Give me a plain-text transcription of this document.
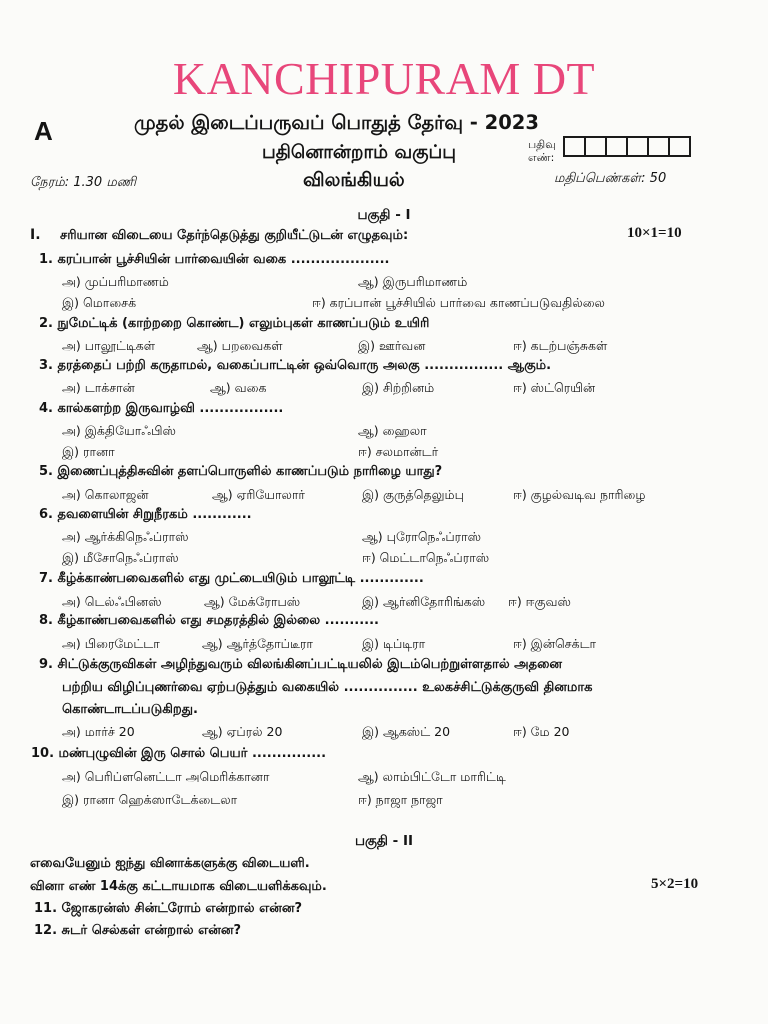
KANCHIPURAM DT
A	முதல் இடைப்பருவப் பொதுத் தேர்வு - 2023
பதினொன்றாம் வகுப்பு
விலங்கியல்
பதிவு எண்:
நேரம்: 1.30 மணி	மதிப்பெண்கள்: 50
பகுதி - I
I. சரியான விடையை தேர்ந்தெடுத்து குறியீட்டுடன் எழுதவும்:	10×1=10
1. கரப்பான் பூச்சியின் பார்வையின் வகை ....................
அ) முப்பரிமாணம்	ஆ) இருபரிமாணம்
இ) மொசைக்	ஈ) கரப்பான் பூச்சியில் பார்வை காணப்படுவதில்லை
2. நுமேட்டிக் (காற்றறை கொண்ட) எலும்புகள் காணப்படும் உயிரி
அ) பாலூட்டிகள்	ஆ) பறவைகள்	இ) ஊர்வன	ஈ) கடற்பஞ்சுகள்
3. தரத்தைப் பற்றி கருதாமல், வகைப்பாட்டின் ஒவ்வொரு அலகு ................ ஆகும்.
அ) டாக்சான்	ஆ) வகை	இ) சிற்றினம்	ஈ) ஸ்ட்ரெயின்
4. கால்களற்ற இருவாழ்வி .................
அ) இக்தியோஃபிஸ்	ஆ) ஹைலா
இ) ரானா	ஈ) சலமான்டர்
5. இணைப்புத்திசுவின் தளப்பொருளில் காணப்படும் நாரிழை யாது?
அ) கொலாஜன்	ஆ) ஏரியோலார்	இ) குருத்தெலும்பு	ஈ) குழல்வடிவ நாரிழை
6. தவளையின் சிறுநீரகம் ............
அ) ஆர்க்கிநெஃப்ராஸ்	ஆ) புரோநெஃப்ராஸ்
இ) மீசோநெஃப்ராஸ்	ஈ) மெட்டாநெஃப்ராஸ்
7. கீழ்க்காண்பவைகளில் எது முட்டையிடும் பாலூட்டி .............
அ) டெல்ஃபினஸ்	ஆ) மேக்ரோபஸ்	இ) ஆர்னிதோரிங்கஸ் ஈ) ஈகுவஸ்
8. கீழ்காண்பவைகளில் எது சமதரத்தில் இல்லை ...........
அ) பிரைமேட்டா	ஆ) ஆர்த்தோப்டீரா	இ) டிப்டிரா	ஈ) இன்செக்டா
9. சிட்டுக்குருவிகள் அழிந்துவரும் விலங்கினப்பட்டியலில் இடம்பெற்றுள்ளதால் அதனை
பற்றிய விழிப்புணர்வை ஏற்படுத்தும் வகையில் ............... உலகச்சிட்டுக்குருவி தினமாக
கொண்டாடப்படுகிறது.
அ) மார்ச் 20	ஆ) ஏப்ரல் 20	இ) ஆகஸ்ட் 20	ஈ) மே 20
10. மண்புழுவின் இரு சொல் பெயர் ...............
அ) பெரிப்ளனெட்டா அமெரிக்கானா	ஆ) லாம்பிட்டோ மாரிட்டி
இ) ரானா ஹெக்ஸாடேக்டைலா	ஈ) நாஜா நாஜா
பகுதி - II
எவையேனும் ஐந்து வினாக்களுக்கு விடையளி.
வினா எண் 14க்கு கட்டாயமாக விடையளிக்கவும்.	5×2=10
11. ஜோகரன்ஸ் சின்ட்ரோம் என்றால் என்ன?
12. சுடர் செல்கள் என்றால் என்ன?
